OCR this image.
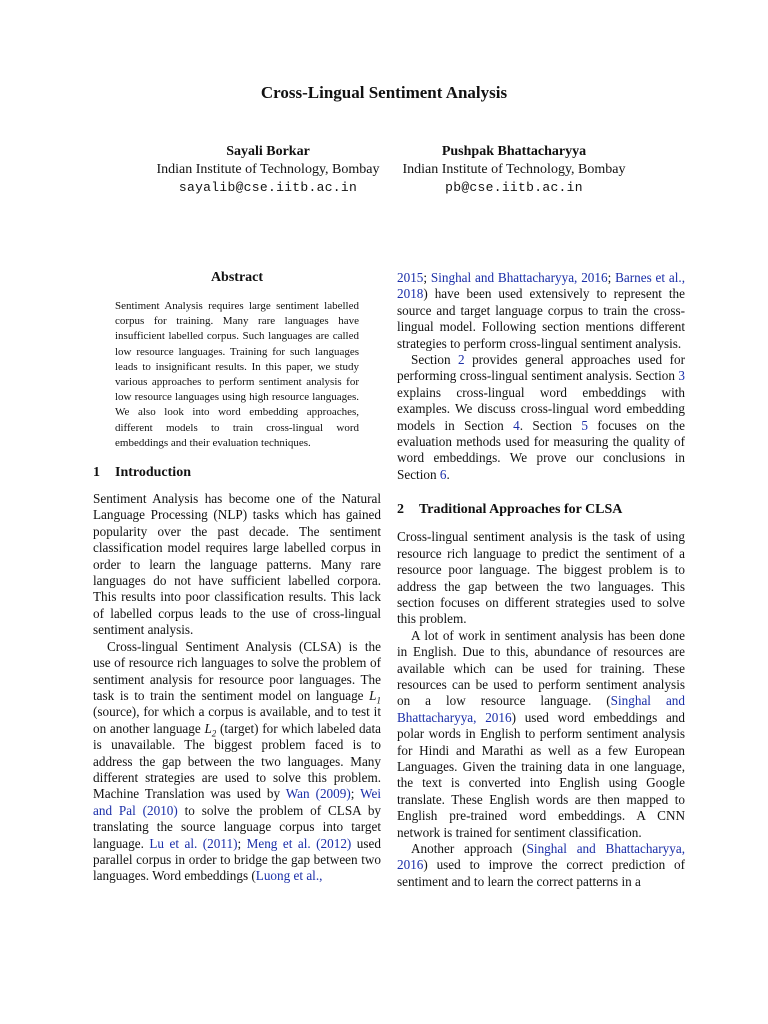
Cross-Lingual Sentiment Analysis
Sayali Borkar
Indian Institute of Technology, Bombay
sayalib@cse.iitb.ac.in
Pushpak Bhattacharyya
Indian Institute of Technology, Bombay
pb@cse.iitb.ac.in
Abstract

Sentiment Analysis requires large sentiment labelled corpus for training. Many rare languages have insufficient labelled corpus. Such languages are called low resource languages. Training for such languages leads to insignificant results. In this paper, we study various approaches to perform sentiment analysis for low resource languages using high resource languages. We also look into word embedding approaches, different models to train cross-lingual word embeddings and their evaluation techniques.

1 Introduction

Sentiment Analysis has become one of the Natural Language Processing (NLP) tasks which has gained popularity over the past decade. The sentiment classification model requires large labelled corpus in order to learn the language patterns. Many rare languages do not have sufficient labelled corpora. This results into poor classification results. This lack of labelled corpus leads to the use of cross-lingual sentiment analysis.

Cross-lingual Sentiment Analysis (CLSA) is the use of resource rich languages to solve the problem of sentiment analysis for resource poor languages. The task is to train the sentiment model on language $L_1$ (source), for which a corpus is available, and to test it on another language $L_2$ (target) for which labeled data is unavailable. The biggest problem faced is to address the gap between the two languages. Many different strategies are used to solve this problem. Machine Translation was used by Wan (2009); Wei and Pal (2010) to solve the problem of CLSA by translating the source language corpus into target language. Lu et al. (2011); Meng et al. (2012) used parallel corpus in order to bridge the gap between two languages. Word embeddings (Luong et al.,

2015; Singhal and Bhattacharyya, 2016; Barnes et al., 2018) have been used extensively to represent the source and target language corpus to train the cross-lingual model. Following section mentions different strategies to perform cross-lingual sentiment analysis.

Section 2 provides general approaches used for performing cross-lingual sentiment analysis. Section 3 explains cross-lingual word embeddings with examples. We discuss cross-lingual word embedding models in Section 4. Section 5 focuses on the evaluation methods used for measuring the quality of word embeddings. We prove our conclusions in Section 6.

2 Traditional Approaches for CLSA

Cross-lingual sentiment analysis is the task of using resource rich language to predict the sentiment of a resource poor language. The biggest problem is to address the gap between the two languages. This section focuses on different strategies used to solve this problem.

A lot of work in sentiment analysis has been done in English. Due to this, abundance of resources are available which can be used for training. These resources can be used to perform sentiment analysis on a low resource language. (Singhal and Bhattacharyya, 2016) used word embeddings and polar words in English to perform sentiment analysis for Hindi and Marathi as well as a few European Languages. Given the training data in one language, the text is converted into English using Google translate. These English words are then mapped to English pre-trained word embeddings. A CNN network is trained for sentiment classification.

Another approach (Singhal and Bhattacharyya, 2016) used to improve the correct prediction of sentiment and to learn the correct patterns in a
